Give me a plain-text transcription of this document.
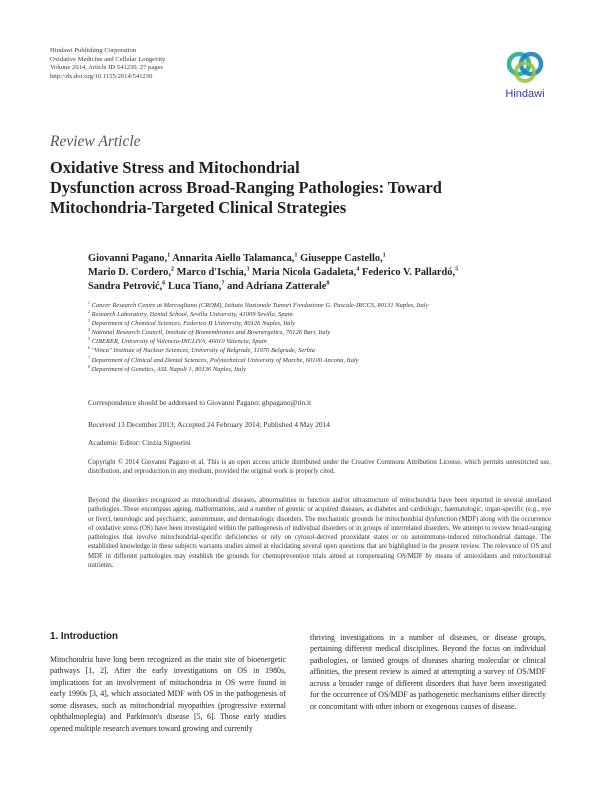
Hindawi Publishing Corporation
Oxidative Medicine and Cellular Longevity
Volume 2014, Article ID 541230, 27 pages
http://dx.doi.org/10.1155/2014/541230
Hindawi
Review Article
Oxidative Stress and Mitochondrial
Dysfunction across Broad-Ranging Pathologies: Toward
Mitochondria-Targeted Clinical Strategies
Giovanni Pagano,$^1$ Annarita Aiello Talamanca,$^1$ Giuseppe Castello,$^1$
Mario D. Cordero,$^2$ Marco d'Ischia,$^3$ Maria Nicola Gadaleta,$^4$ Federico V. Pallardó,$^5$
Sandra Petrović,$^6$ Luca Tiano,$^7$ and Adriana Zatterale$^8$
$^1$ Cancer Research Centre at Mercogliano (CROM), Istituto Nazionale Tumori Fondazione G. Pascale-IRCCS, 80131 Naples, Italy
$^2$ Research Laboratory, Dental School, Sevilla University, 41009 Sevilla, Spain
$^3$ Department of Chemical Sciences, Federico II University, 80126 Naples, Italy
$^4$ National Research Council, Institute of Biomembranes and Bioenergetics, 70126 Bari, Italy
$^5$ CIBERER, University of Valencia-INCLIVA, 46010 Valencia, Spain
$^6$ "Vinca" Institute of Nuclear Sciences, University of Belgrade, 11070 Belgrade, Serbia
$^7$ Department of Clinical and Dental Sciences, Polytechnical University of Marche, 60100 Ancona, Italy
$^8$ Department of Genetics, ASL Napoli 1, 80136 Naples, Italy
Correspondence should be addressed to Giovanni Pagano; gbpagano@tin.it
Received 13 December 2013; Accepted 24 February 2014; Published 4 May 2014
Academic Editor: Cinzia Signorini
Copyright © 2014 Giovanni Pagano et al. This is an open access article distributed under the Creative Commons Attribution License, which permits unrestricted use, distribution, and reproduction in any medium, provided the original work is properly cited.
Beyond the disorders recognized as mitochondrial diseases, abnormalities in function and/or ultrastructure of mitochondria have been reported in several unrelated pathologies. These encompass ageing, malformations, and a number of genetic or acquired diseases, as diabetes and cardiologic, haematologic, organ-specific (e.g., eye or liver), neurologic and psychiatric, autoimmune, and dermatologic disorders. The mechanistic grounds for mitochondrial dysfunction (MDF) along with the occurrence of oxidative stress (OS) have been investigated within the pathogenesis of individual disorders or in groups of interrelated disorders. We attempt to review broad-ranging pathologies that involve mitochondrial-specific deficiencies or rely on cytosol-derived prooxidant states or on autoimmune-induced mitochondrial damage. The established knowledge in these subjects warrants studies aimed at elucidating several open questions that are highlighted in the present review. The relevance of OS and MDF in different pathologies may establish the grounds for chemoprevention trials aimed at compensating OS/MDF by means of antioxidants and mitochondrial nutrients.
1. Introduction
Mitochondria have long been recognized as the main site of bioenergetic pathways [1, 2]. After the early investigations on OS in 1980s, implications for an involvement of mitochondria in OS were found in early 1990s [3, 4], which associated MDF with OS in the pathogenesis of some diseases, such as mitochondrial myopathies (progressive external ophthalmoplegia) and Parkinson's disease [5, 6]. Those early studies opened multiple research avenues toward growing and currently
thriving investigations in a number of diseases, or disease groups, pertaining different medical disciplines. Beyond the focus on individual pathologies, or limited groups of diseases sharing molecular or clinical affinities, the present review is aimed at attempting a survey of OS/MDF across a broader range of different disorders that have been investigated for the occurrence of OS/MDF as pathogenetic mechanisms either directly or concomitant with other inborn or exogenous causes of disease.
